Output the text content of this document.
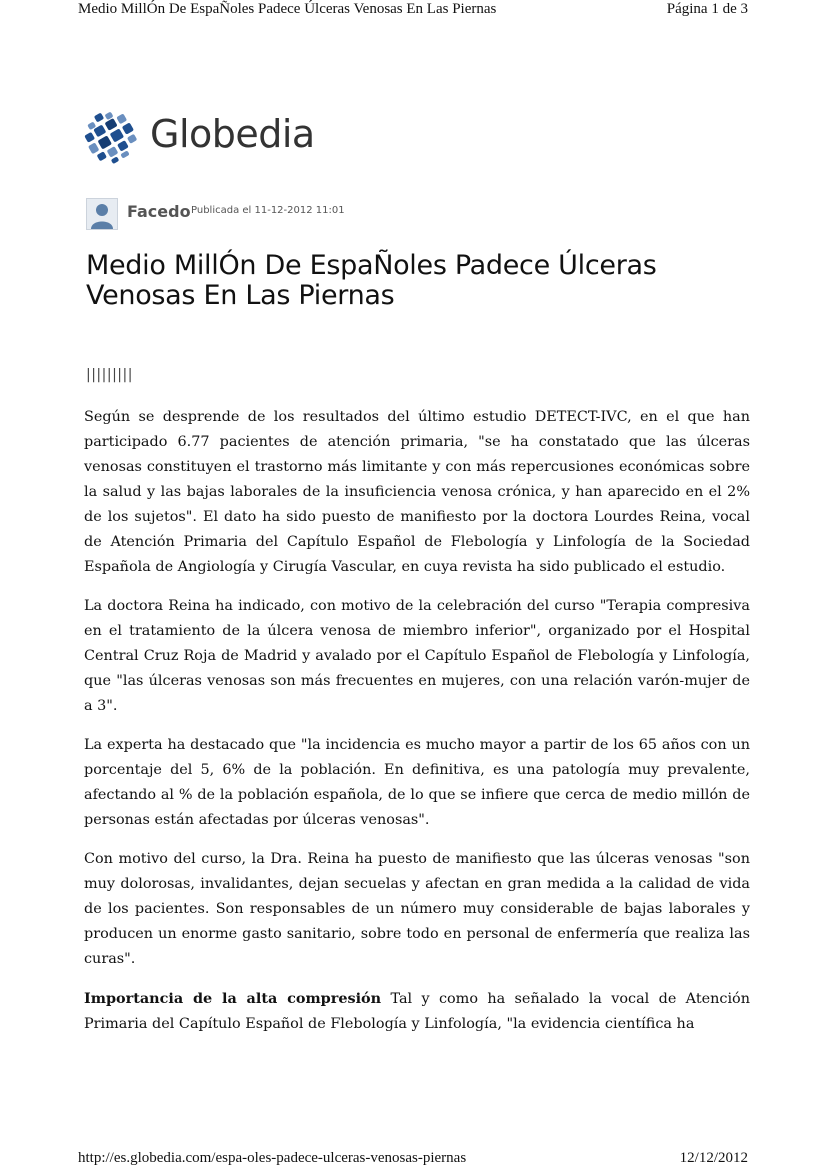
Medio MillÓn De EspaÑoles Padece Úlceras Venosas En Las Piernas	Página 1 de 3
Globedia
Facedo Publicada el 11-12-2012 11:01
Medio MillÓn De EspaÑoles Padece Úlceras Venosas En Las Piernas
|||||||||

Según se desprende de los resultados del último estudio DETECT-IVC, en el que han participado 6.77 pacientes de atención primaria, "se ha constatado que las úlceras venosas constituyen el trastorno más limitante y con más repercusiones económicas sobre la salud y las bajas laborales de la insuficiencia venosa crónica, y han aparecido en el 2% de los sujetos". El dato ha sido puesto de manifiesto por la doctora Lourdes Reina, vocal de Atención Primaria del Capítulo Español de Flebología y Linfología de la Sociedad Española de Angiología y Cirugía Vascular, en cuya revista ha sido publicado el estudio.

La doctora Reina ha indicado, con motivo de la celebración del curso "Terapia compresiva en el tratamiento de la úlcera venosa de miembro inferior", organizado por el Hospital Central Cruz Roja de Madrid y avalado por el Capítulo Español de Flebología y Linfología, que "las úlceras venosas son más frecuentes en mujeres, con una relación varón-mujer de a 3".

La experta ha destacado que "la incidencia es mucho mayor a partir de los 65 años con un porcentaje del 5, 6% de la población. En definitiva, es una patología muy prevalente, afectando al % de la población española, de lo que se infiere que cerca de medio millón de personas están afectadas por úlceras venosas".

Con motivo del curso, la Dra. Reina ha puesto de manifiesto que las úlceras venosas "son muy dolorosas, invalidantes, dejan secuelas y afectan en gran medida a la calidad de vida de los pacientes. Son responsables de un número muy considerable de bajas laborales y producen un enorme gasto sanitario, sobre todo en personal de enfermería que realiza las curas".

Importancia de la alta compresión Tal y como ha señalado la vocal de Atención Primaria del Capítulo Español de Flebología y Linfología, "la evidencia científica ha

http://es.globedia.com/espa-oles-padece-ulceras-venosas-piernas	12/12/2012
